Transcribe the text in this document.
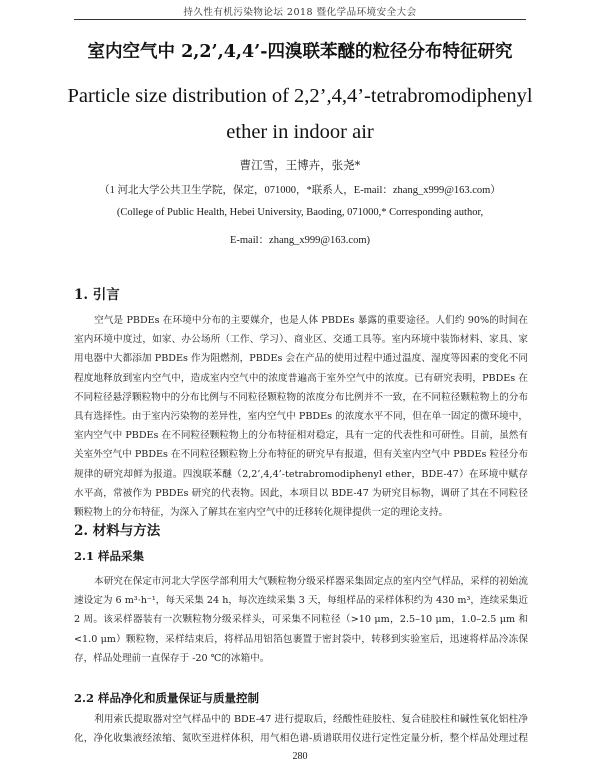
持久性有机污染物论坛 2018 暨化学品环境安全大会
室内空气中 2,2’,4,4’-四溴联苯醚的粒径分布特征研究
Particle size distribution of 2,2’,4,4’-tetrabromodiphenyl
ether in indoor air
曹江雪，王博卉，张尧*
（1 河北大学公共卫生学院，保定，071000，*联系人，E-mail：zhang_x999@163.com）
(College of Public Health, Hebei University, Baoding, 071000,* Corresponding author,
E-mail：zhang_x999@163.com)
1. 引言
空气是 PBDEs 在环境中分布的主要媒介，也是人体 PBDEs 暴露的重要途径。人们约 90%的时间在室内环境中度过，如家、办公场所（工作、学习）、商业区、交通工具等。室内环境中装饰材料、家具、家用电器中大都添加 PBDEs 作为阻燃剂，PBDEs 会在产品的使用过程中通过温度、湿度等因素的变化不同程度地释放到室内空气中，造成室内空气中的浓度普遍高于室外空气中的浓度。已有研究表明，PBDEs 在不同粒径悬浮颗粒物中的分布比例与不同粒径颗粒物的浓度分布比例并不一致，在不同粒径颗粒物上的分布具有选择性。由于室内污染物的差异性，室内空气中 PBDEs 的浓度水平不同，但在单一固定的微环境中，室内空气中 PBDEs 在不同粒径颗粒物上的分布特征相对稳定，具有一定的代表性和可研性。目前，虽然有关室外空气中 PBDEs 在不同粒径颗粒物上分布特征的研究早有报道，但有关室内空气中 PBDEs 粒径分布规律的研究却鲜为报道。四溴联苯醚（2,2’,4,4’-tetrabromodiphenyl ether，BDE-47）在环境中赋存水平高，常被作为 PBDEs 研究的代表物。因此，本项目以 BDE-47 为研究目标物，调研了其在不同粒径颗粒物上的分布特征，为深入了解其在室内空气中的迁移转化规律提供一定的理论支持。
2. 材料与方法
2.1 样品采集
本研究在保定市河北大学医学部利用大气颗粒物分级采样器采集固定点的室内空气样品，采样的初始流速设定为 6 m³·h⁻¹，每天采集 24 h，每次连续采集 3 天，每组样品的采样体积约为 430 m³，连续采集近 2 周。该采样器装有一次颗粒物分级采样头，可采集不同粒径（>10 μm，2.5–10 μm，1.0–2.5 μm 和<1.0 μm）颗粒物，采样结束后，将样品用铝箔包裹置于密封袋中，转移到实验室后，迅速将样品冷冻保存，样品处理前一直保存于 -20 ℃的冰箱中。
2.2 样品净化和质量保证与质量控制
利用索氏提取器对空气样品中的 BDE-47 进行提取后，经酸性硅胶柱、复合硅胶柱和碱性氧化铝柱净化，净化收集液经浓缩、氮吹至进样体积，用气相色谱-质谱联用仪进行定性定量分析，整个样品处理过程
280
